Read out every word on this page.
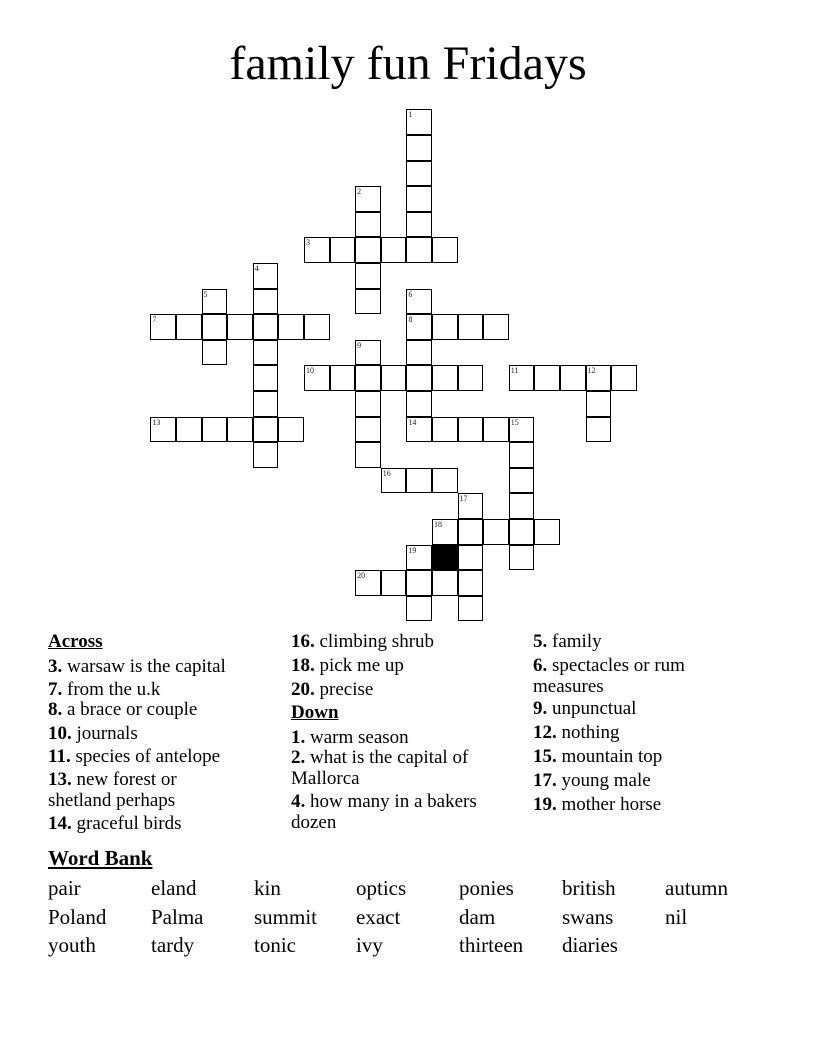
family fun Fridays
1
2
3
4
5	6
8
14
7
9
10	11	12
13	15
16
17
18
19
20
Across
3. warsaw is the capital
7. from the u.k
8. a brace or couple
10. journals
11. species of antelope
13. new forest or shetland perhaps
14. graceful birds
16. climbing shrub
18. pick me up
20. precise
Down
1. warm season
2. what is the capital of Mallorca
4. how many in a bakers dozen
5. family
6. spectacles or rum measures
9. unpunctual
12. nothing
15. mountain top
17. young male
19. mother horse
Word Bank
pair	eland	kin	optics	ponies british autumn
Poland Palma summit exact	dam	swans nil
youth	tardy	tonic	ivy	thirteen diaries
